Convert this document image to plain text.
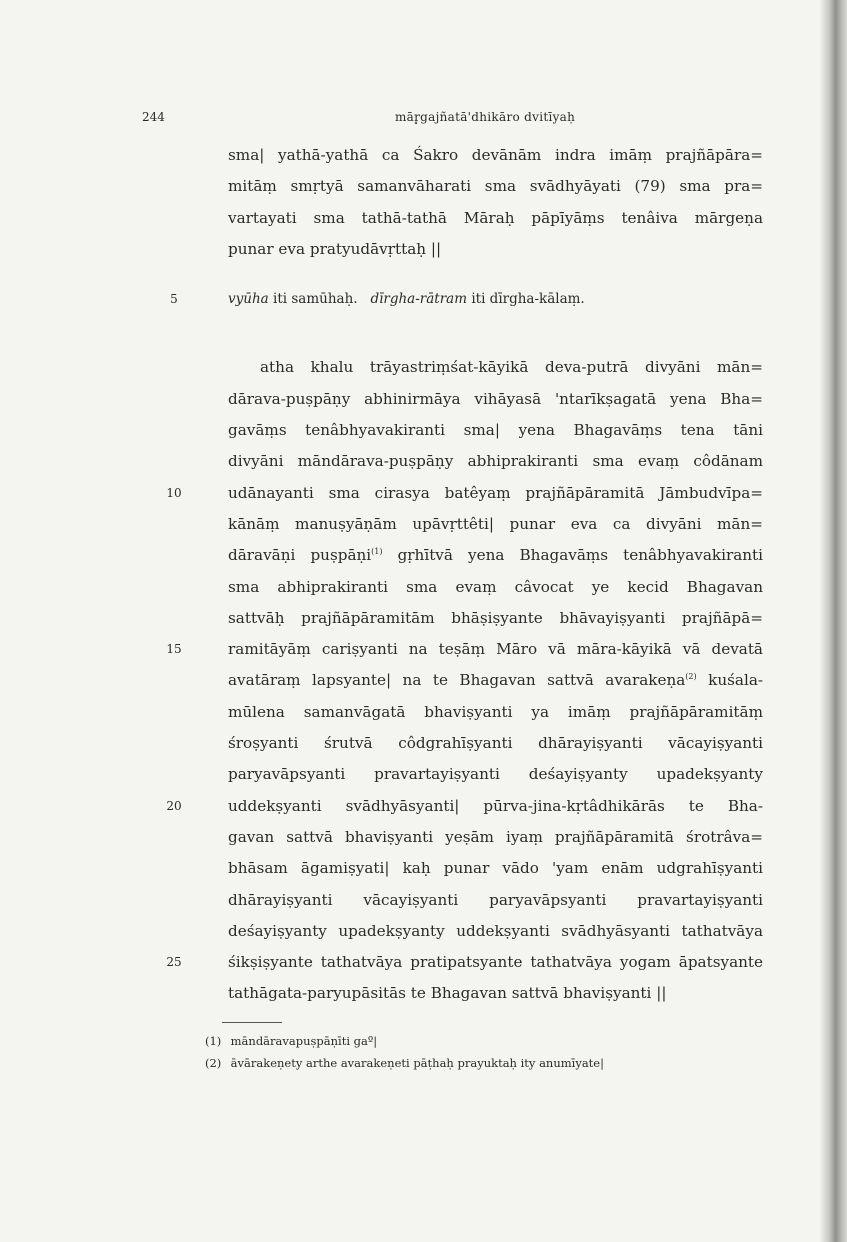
244	mār̥gajñatā'dhikāro dvitīyaḥ
sma| yathā-yathā ca Śakro devānām indra imāṃ prajñāpāra=
mitāṃ smṛtyā samanvāharati sma svādhyāyati (79) sma pra=
vartayati sma tathā-tathā Māraḥ pāpīyāṃs tenâiva mārgeṇa
punar eva pratyudāvṛttaḥ ||
5	vyūha iti samūhaḥ. dīrgha-rātram iti dīrgha-kālaṃ.
atha khalu trāyastriṃśat-kāyikā deva-putrā divyāni mān=
dārava-puṣpāṇy abhinirmāya vihāyasā 'ntarīkṣagatā yena Bha=
gavāṃs tenâbhyavakiranti sma| yena Bhagavāṃs tena tāni
divyāni māndārava-puṣpāṇy abhiprakiranti sma evaṃ côdānam
10	udānayanti sma cirasya batêyaṃ prajñāpāramitā Jāmbudvīpa=
kānāṃ manuṣyāṇām upāvṛttêti| punar eva ca divyāni mān=
dāravāṇi puṣpāṇi$^{(1)}$ gṛhītvā yena Bhagavāṃs tenâbhyavakiranti
sma abhiprakiranti sma evaṃ câvocat ye kecid Bhagavan
sattvāḥ prajñāpāramitām bhāṣiṣyante bhāvayiṣyanti prajñāpā=
15	ramitāyāṃ cariṣyanti na teṣāṃ Māro vā māra-kāyikā vā devatā
avatāraṃ lapsyante| na te Bhagavan sattvā avarakeṇa$^{(2)}$ kuśala-
mūlena samanvāgatā bhaviṣyanti ya imāṃ prajñāpāramitāṃ
śroṣyanti śrutvā côdgrahīṣyanti dhārayiṣyanti vācayiṣyanti
paryavāpsyanti pravartayiṣyanti deśayiṣyanty upadekṣyanty
20	uddekṣyanti svādhyāsyanti| pūrva-jina-kṛtâdhikārās te Bha-
gavan sattvā bhaviṣyanti yeṣām iyaṃ prajñāpāramitā śrotrâva=
bhāsam āgamiṣyati| kaḥ punar vādo 'yam enām udgrahīṣyanti
dhārayiṣyanti vācayiṣyanti paryavāpsyanti pravartayiṣyanti
deśayiṣyanty upadekṣyanty uddekṣyanti svādhyāsyanti tathatvāya
25	śikṣiṣyante tathatvāya pratipatsyante tathatvāya yogam āpatsyante
tathāgata-paryupāsitās te Bhagavan sattvā bhaviṣyanti ||
(1) māndāravapuṣpāṇīti gaº|
(2) āvārakeṇety arthe avarakeṇeti pāṭhaḥ prayuktaḥ ity anumīyate|
